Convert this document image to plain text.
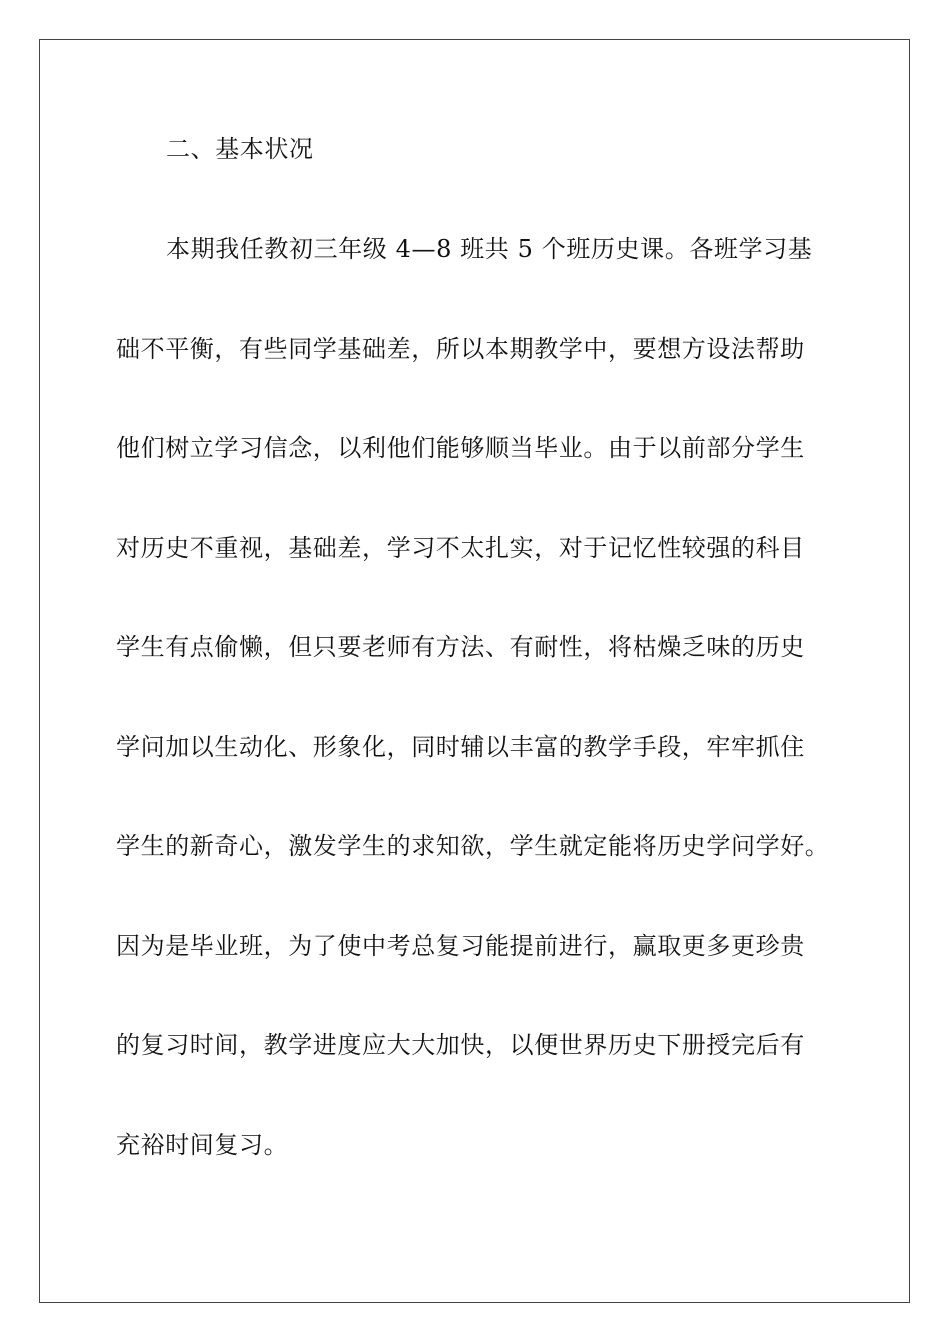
二、基本状况
本期我任教初三年级 4—8 班共 5 个班历史课。各班学习基
础不平衡，有些同学基础差，所以本期教学中，要想方设法帮助
他们树立学习信念，以利他们能够顺当毕业。由于以前部分学生
对历史不重视，基础差，学习不太扎实，对于记忆性较强的科目
学生有点偷懒，但只要老师有方法、有耐性，将枯燥乏味的历史
学问加以生动化、形象化，同时辅以丰富的教学手段，牢牢抓住
学生的新奇心，激发学生的求知欲，学生就定能将历史学问学好。
因为是毕业班，为了使中考总复习能提前进行，赢取更多更珍贵
的复习时间，教学进度应大大加快，以便世界历史下册授完后有
充裕时间复习。
